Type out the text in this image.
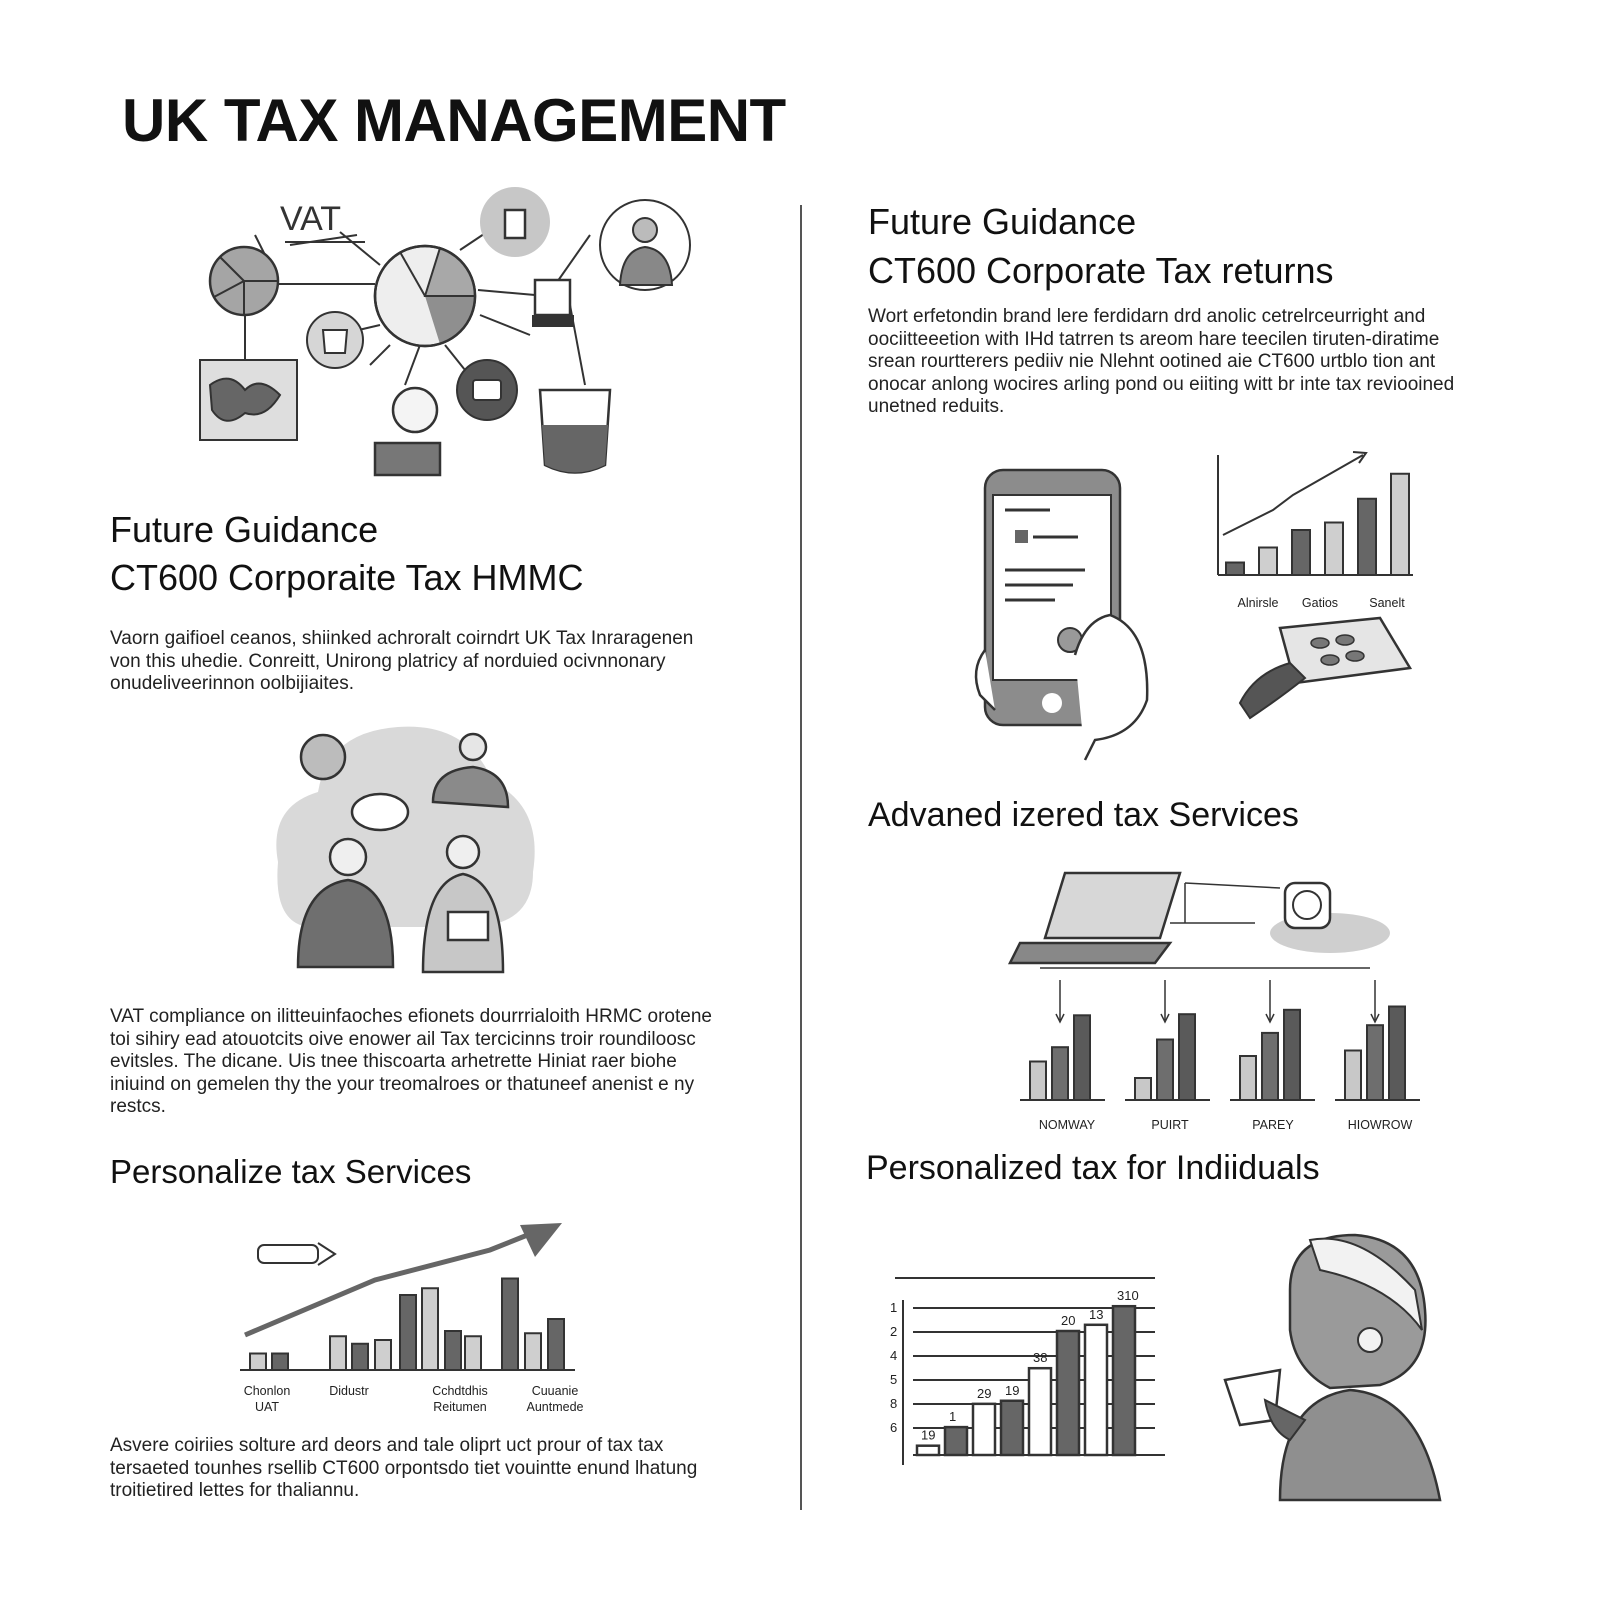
UK TAX MANAGEMENT
VAT
Future Guidance
CT600 Corporaite Tax HMMC

Vaorn gaifioel ceanos, shiinked achroralt coirndrt UK Tax Inraragenen von this uhedie. Conreitt, Unirong platricy af norduied ocivnnonary onudeliveerinnon oolbijiaites.

VAT compliance on ilitteuinfaoches efionets dourrrialoith HRMC orotene toi sihiry ead atouotcits oive enower ail Tax tercicinns troir roundiloosc evitsles. The dicane. Uis tnee thiscoarta arhetrette Hiniat raer biohe iniuind on gemelen thy the your treomalroes or thatuneef anenist e ny restcs.

Personalize tax Services
Chonlon
UAT
Didustr	Cchdtdhis
Reitumen
Cuuanie
Auntmede

Asvere coiriies solture ard deors and tale oliprt uct prour of tax tax tersaeted tounhes rsellib CT600 orpontsdo tiet vouintte enund lhatung troitietired lettes for thaliannu.

Future Guidance
CT600 Corporate Tax returns

Wort erfetondin brand lere ferdidarn drd anolic cetrelrceurright and oociitteeetion with IHd tatrren ts areom hare teecilen tiruten-diratime srean rourtterers pediiv nie Nlehnt ootined aie CT600 urtblo tion ant onocar anlong wocires arling pond ou eiiting witt br inte tax reviooined unetned reduits.

Alnirsle	Gatios	Sanelt
Advaned izered tax Services
NOMWAY	PUIRT	PAREY	HIOWROW
Personalized tax for Indiiduals
1
2
4
5
8
6
19
1
29 19
38
20 13
310
